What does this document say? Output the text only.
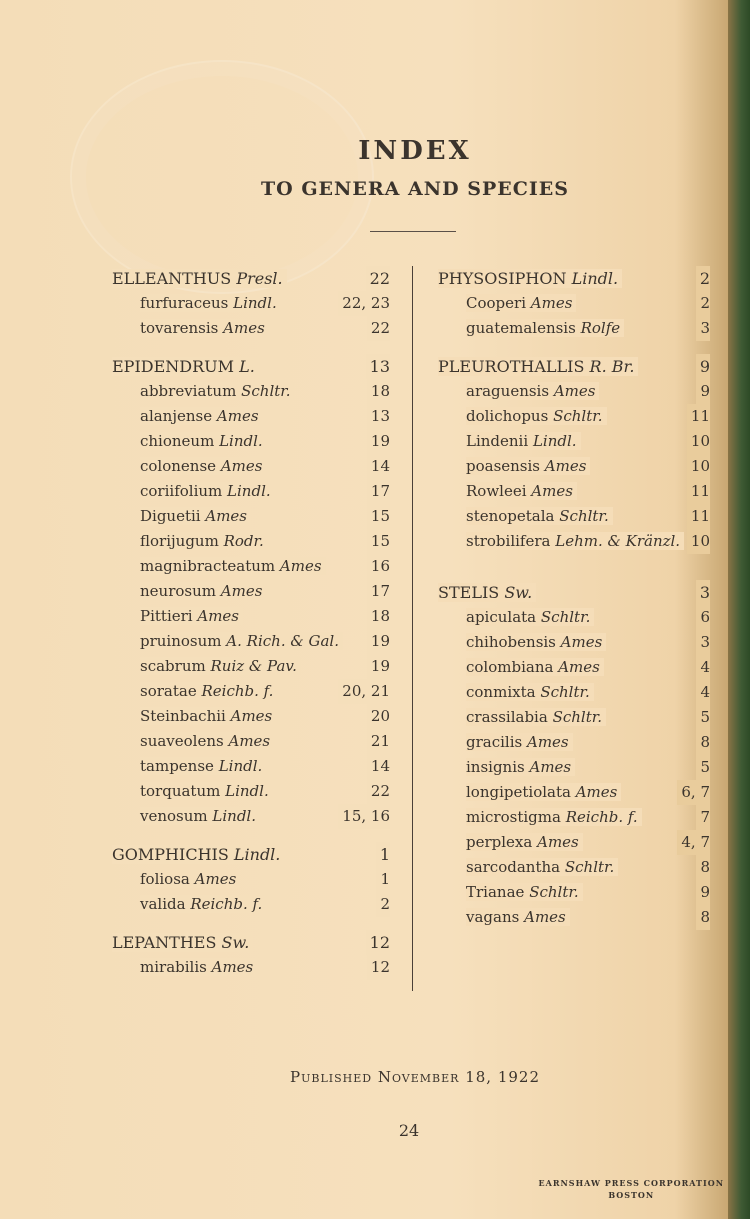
INDEX
TO GENERA AND SPECIES
ELLEANTHUS Presl.	22
furfuraceus Lindl.	22, 23
tovarensis Ames	22
EPIDENDRUM L.	13
abbreviatum Schltr.	18
alanjense Ames	13
chioneum Lindl.	19
colonense Ames	14
coriifolium Lindl.	17
Diguetii Ames	15
florijugum Rodr.	15
magnibracteatum Ames	16
neurosum Ames	17
Pittieri Ames	18
pruinosum A. Rich. & Gal. 19
scabrum Ruiz & Pav.	19
soratae Reichb. f.	20, 21
Steinbachii Ames	20
suaveolens Ames	21
tampense Lindl.	14
torquatum Lindl.	22
venosum Lindl.	15, 16
GOMPHICHIS Lindl.	1
foliosa Ames	1
valida Reichb. f.	2
LEPANTHES Sw.	12
mirabilis Ames	12
PHYSOSIPHON Lindl.	2
Cooperi Ames	2
guatemalensis Rolfe	3
PLEUROTHALLIS R. Br.	9
araguensis Ames	9
dolichopus Schltr.	11
Lindenii Lindl.	10
poasensis Ames	10
Rowleei Ames	11
stenopetala Schltr.	11
strobilifera Lehm. & Kränzl. 10
STELIS Sw.	3
apiculata Schltr.	6
chihobensis Ames	3
colombiana Ames	4
conmixta Schltr.	4
crassilabia Schltr.	5
gracilis Ames	8
insignis Ames	5
longipetiolata Ames	6, 7
microstigma Reichb. f.	7
perplexa Ames	4, 7
sarcodantha Schltr.	8
Trianae Schltr.	9
vagans Ames	8
Published November 18, 1922
24
EARNSHAW PRESS CORPORATION
BOSTON
